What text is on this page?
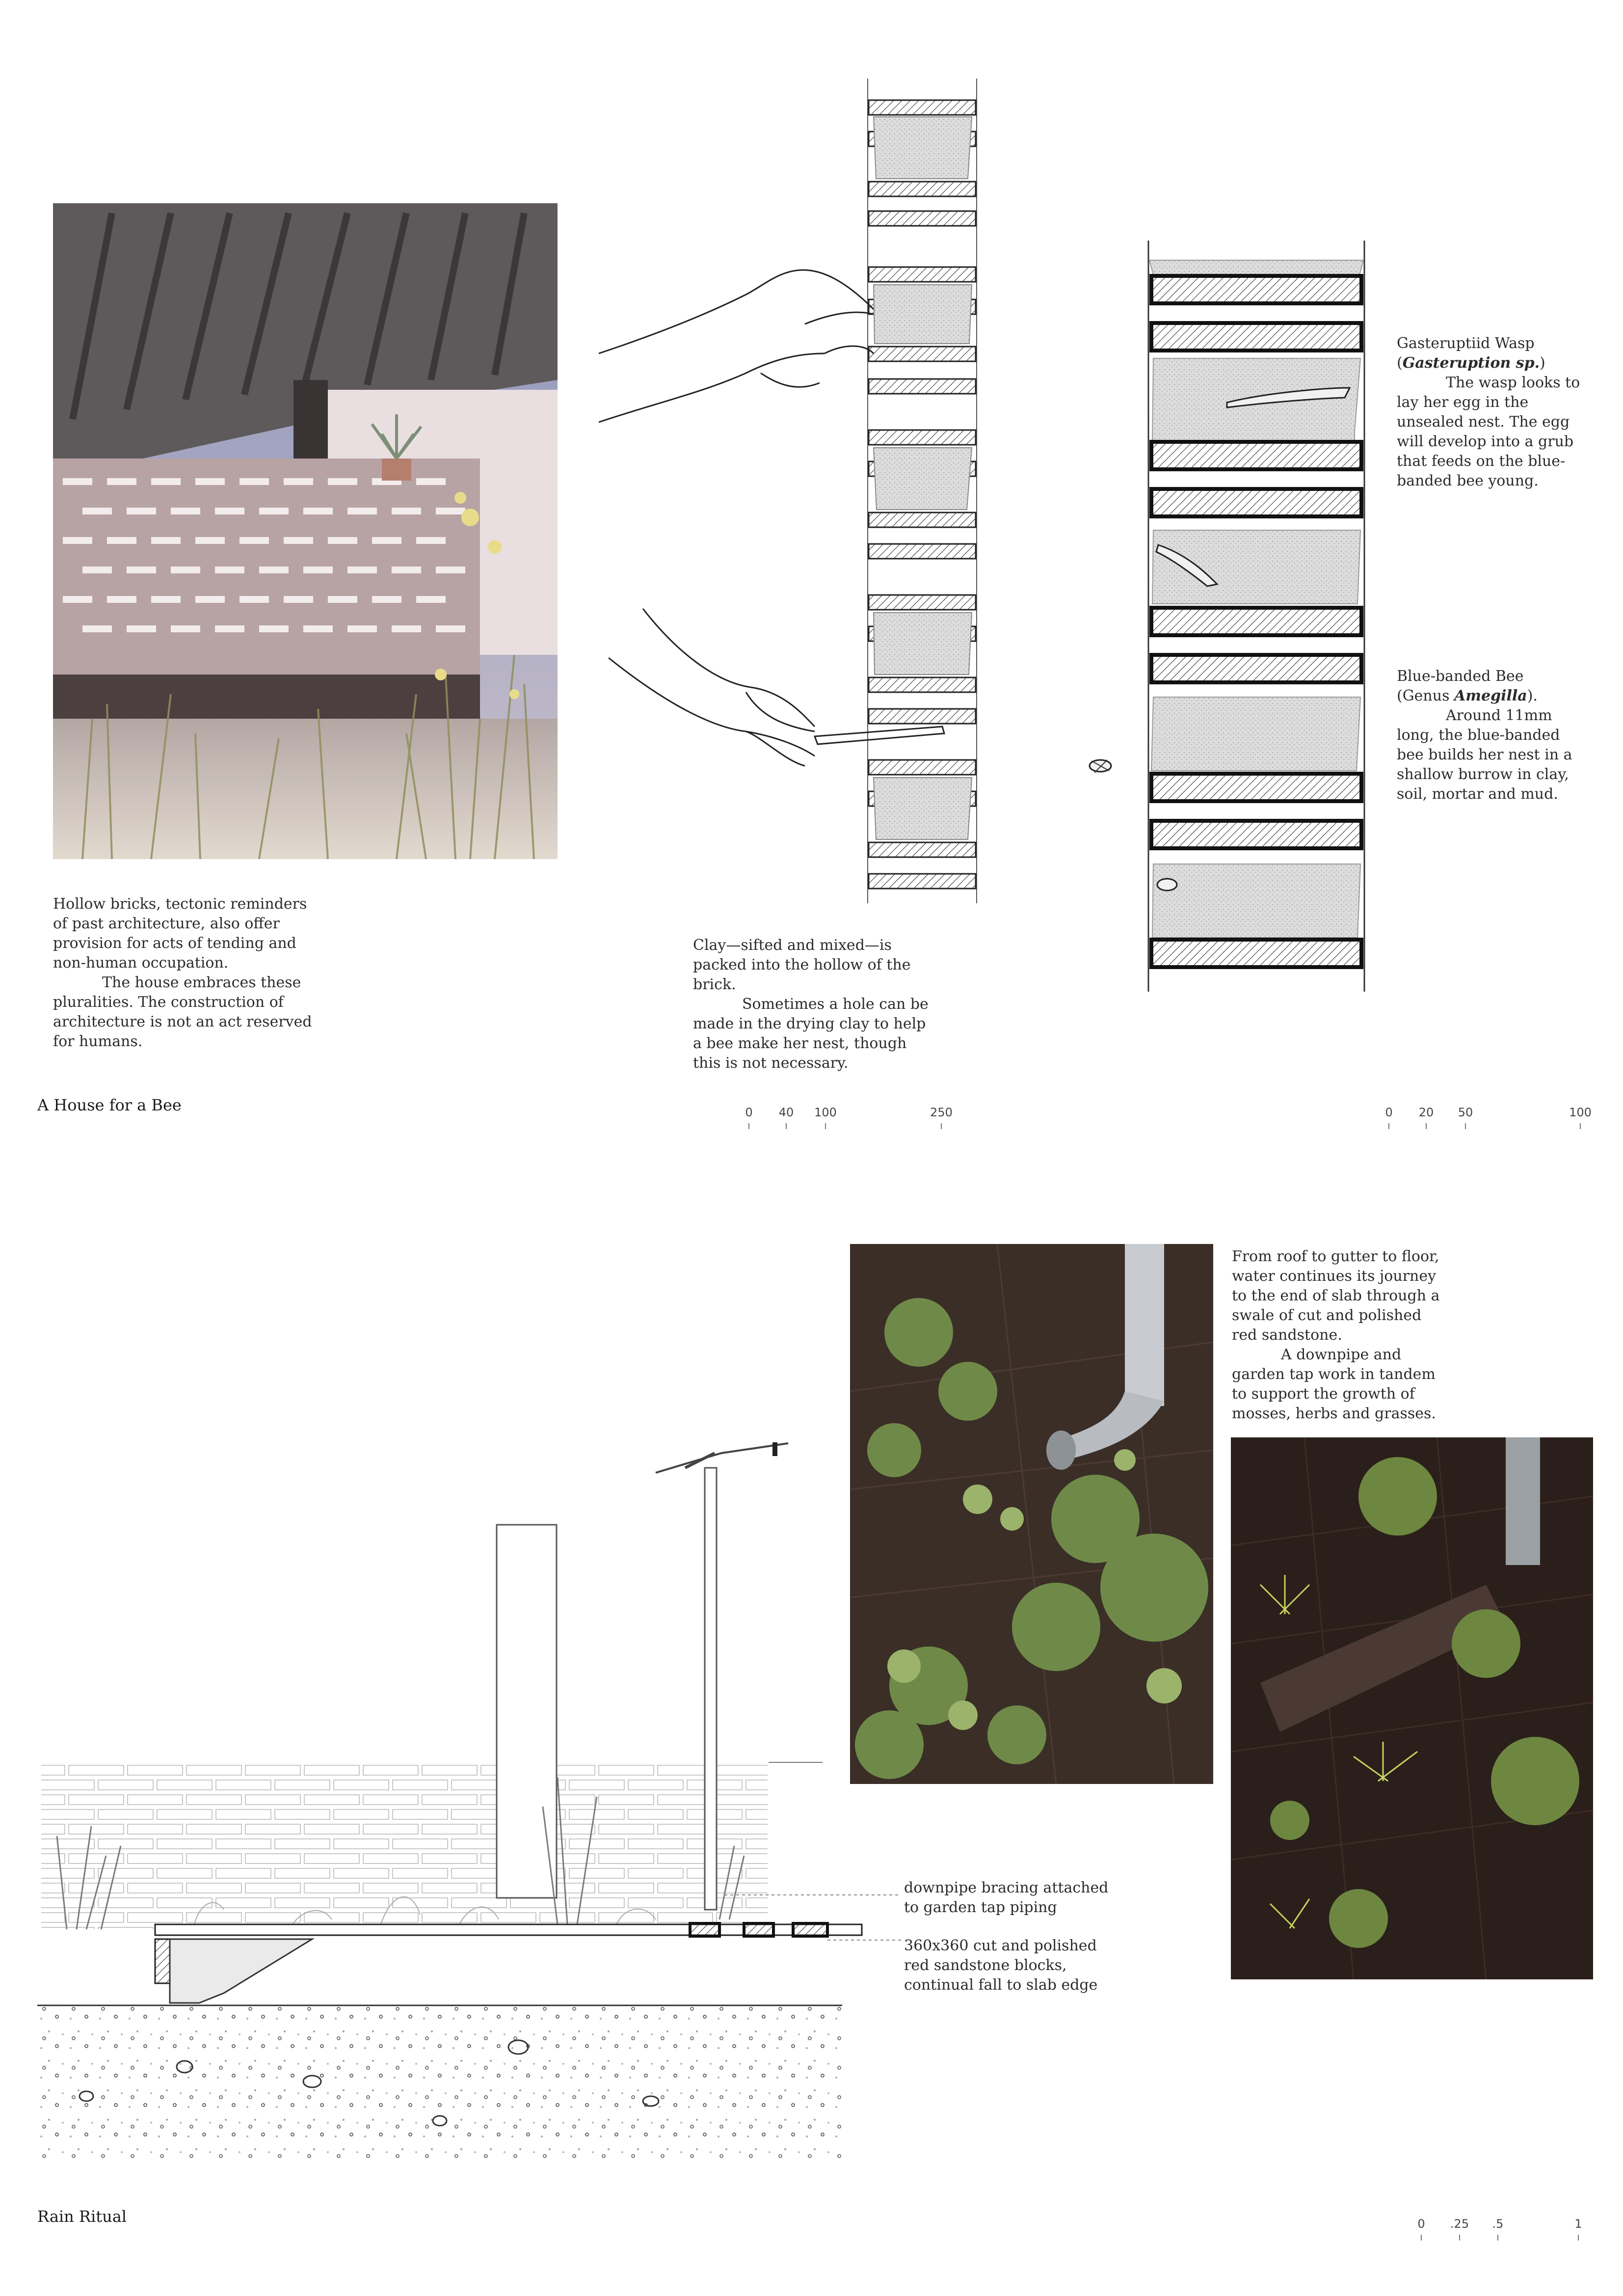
Hollow bricks, tectonic reminders of past architecture, also offer provision for acts of tending and non-human occupation.
The house embraces these pluralities. The construction of architecture is not an act reserved for humans.
Clay—sifted and mixed—is packed into the hollow of the brick.
Sometimes a hole can be made in the drying clay to help a bee make her nest, though this is not necessary.
Gasteruptiid Wasp
(Gasteruption sp.)
The wasp looks to lay her egg in the unsealed nest. The egg will develop into a grub that feeds on the blue-banded bee young.
Blue-banded Bee
(Genus Amegilla).
Around 11mm long, the blue-banded bee builds her nest in a shallow burrow in clay, soil, mortar and mud.
A House for a Bee	0 40 100	250	0 20 50	100
downpipe bracing attached to garden tap piping
360x360 cut and polished red sandstone blocks, continual fall to slab edge
From roof to gutter to floor, water continues its journey to the end of slab through a swale of cut and polished red sandstone.
A downpipe and garden tap work in tandem to support the growth of mosses, herbs and grasses.
Rain Ritual	0 .25 .5	1
